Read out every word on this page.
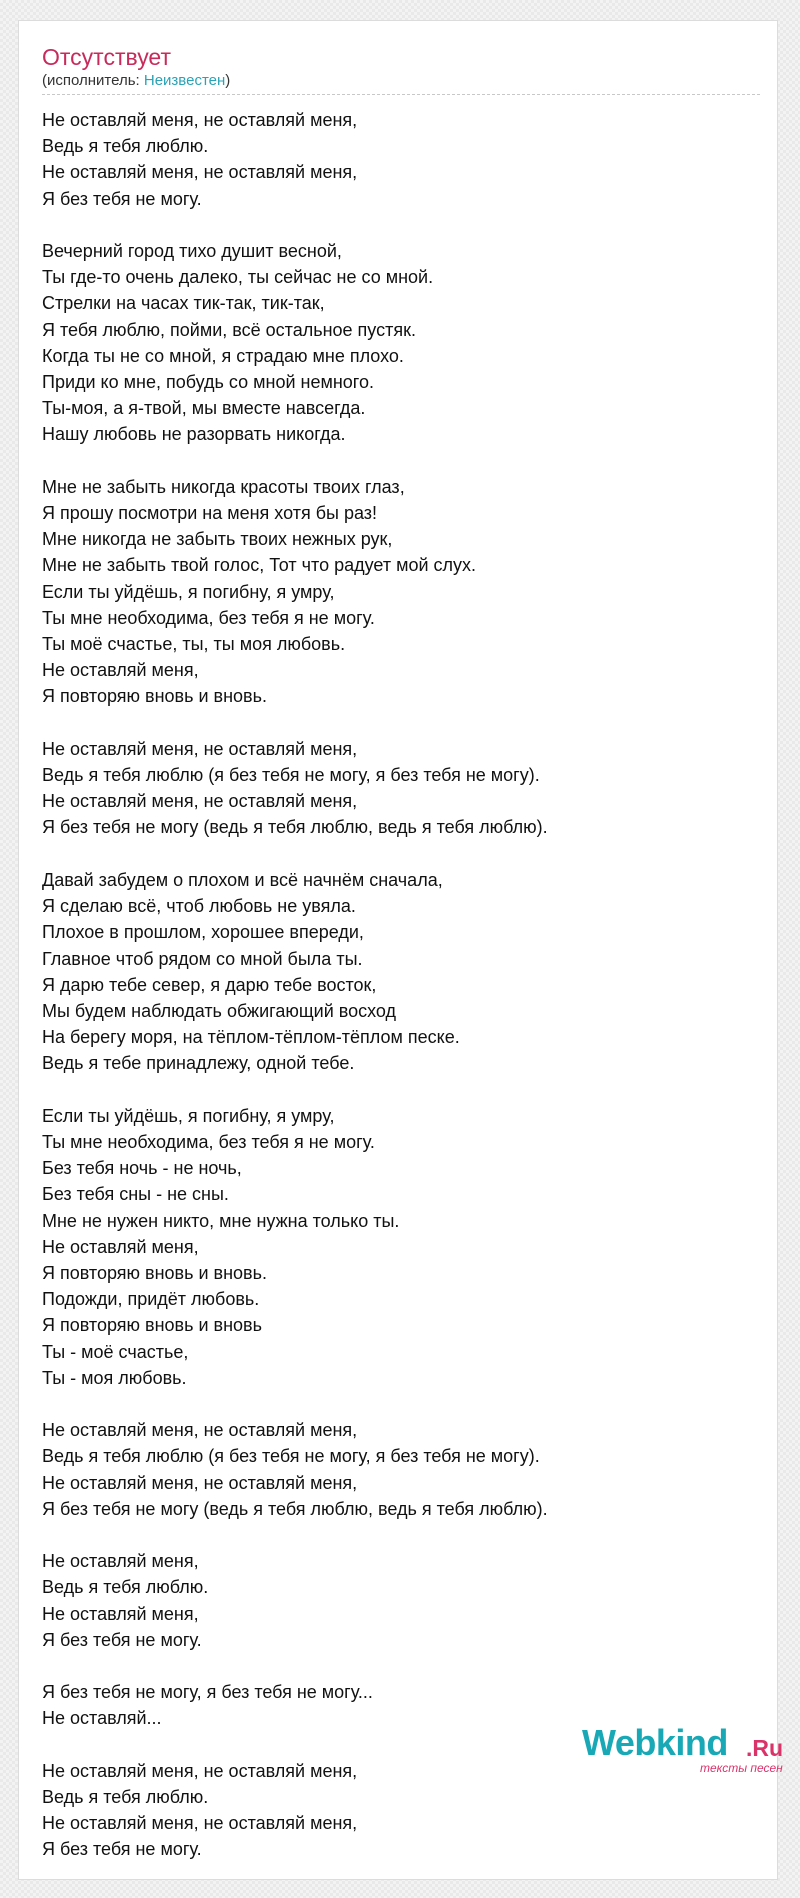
Отсутствует
(исполнитель: Неизвестен)
Не оставляй меня, не оставляй меня,
Ведь я тебя люблю.
Не оставляй меня, не оставляй меня,
Я без тебя не могу.

Вечерний город тихо душит весной,
Ты где-то очень далеко, ты сейчас не со мной.
Стрелки на часах тик-так, тик-так,
Я тебя люблю, пойми, всё остальное пустяк.
Когда ты не со мной, я страдаю мне плохо.
Приди ко мне, побудь со мной немного.
Ты-моя, а я-твой, мы вместе навсегда.
Нашу любовь не разорвать никогда.

Мне не забыть никогда красоты твоих глаз,
Я прошу посмотри на меня хотя бы раз!
Мне никогда не забыть твоих нежных рук,
Мне не забыть твой голос, Тот что радует мой слух.
Если ты уйдёшь, я погибну, я умру,
Ты мне необходима, без тебя я не могу.
Ты моё счастье, ты, ты моя любовь.
Не оставляй меня,
Я повторяю вновь и вновь.

Не оставляй меня, не оставляй меня,
Ведь я тебя люблю (я без тебя не могу, я без тебя не могу).
Не оставляй меня, не оставляй меня,
Я без тебя не могу (ведь я тебя люблю, ведь я тебя люблю).

Давай забудем о плохом и всё начнём сначала,
Я сделаю всё, чтоб любовь не увяла.
Плохое в прошлом, хорошее впереди,
Главное чтоб рядом со мной была ты.
Я дарю тебе север, я дарю тебе восток,
Мы будем наблюдать обжигающий восход
На берегу моря, на тёплом-тёплом-тёплом песке.
Ведь я тебе принадлежу, одной тебе.

Если ты уйдёшь, я погибну, я умру,
Ты мне необходима, без тебя я не могу.
Без тебя ночь - не ночь,
Без тебя сны - не сны.
Мне не нужен никто, мне нужна только ты.
Не оставляй меня,
Я повторяю вновь и вновь.
Подожди, придёт любовь.
Я повторяю вновь и вновь
Ты - моё счастье,
Ты - моя любовь.

Не оставляй меня, не оставляй меня,
Ведь я тебя люблю (я без тебя не могу, я без тебя не могу).
Не оставляй меня, не оставляй меня,
Я без тебя не могу (ведь я тебя люблю, ведь я тебя люблю).

Не оставляй меня,
Ведь я тебя люблю.
Не оставляй меня,
Я без тебя не могу.

Я без тебя не могу, я без тебя не могу...
Не оставляй...

Не оставляй меня, не оставляй меня,
Ведь я тебя люблю.
Не оставляй меня, не оставляй меня,
Я без тебя не могу.
Webkind .Ru
тексты песен
